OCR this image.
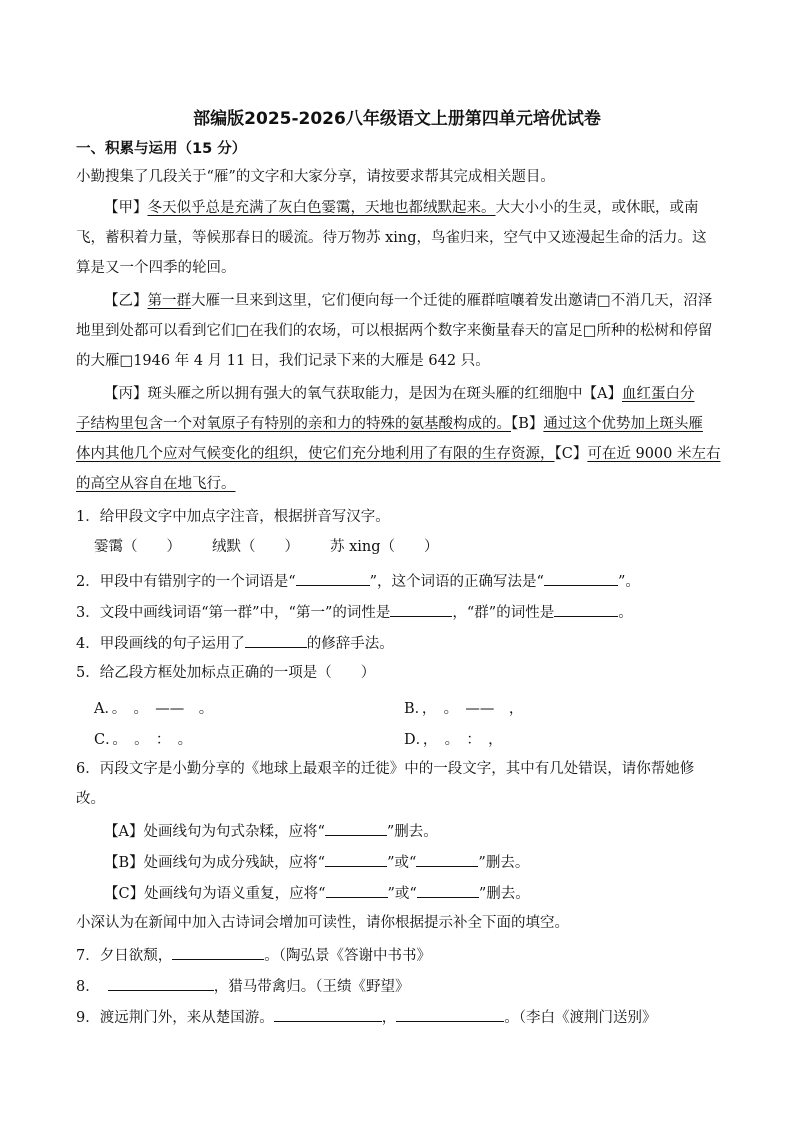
部编版2025-2026八年级语文上册第四单元培优试卷
一、积累与运用（15 分）
小勤搜集了几段关于“雁”的文字和大家分享，请按要求帮其完成相关题目。
【甲】冬天似乎总是充满了灰白色霎霭，天地也都绒默起来。大大小小的生灵，或休眠，或南
飞，蓄积着力量，等候那春日的暖流。待万物苏 xing，鸟雀归来，空气中又迹漫起生命的活力。这
算是又一个四季的轮回。
【乙】第一群大雁一旦来到这里，它们便向每一个迁徙的雁群喧嚷着发出邀请□不消几天，沼泽
地里到处都可以看到它们□在我们的农场，可以根据两个数字来衡量春天的富足□所种的松树和停留
的大雁□1946 年 4 月 11 日，我们记录下来的大雁是 642 只。
【丙】斑头雁之所以拥有强大的氧气获取能力，是因为在斑头雁的红细胞中【A】血红蛋白分
子结构里包含一个对氧原子有特别的亲和力的特殊的氨基酸构成的。【B】通过这个优势加上斑头雁
体内其他几个应对气候变化的组织，使它们充分地利用了有限的生存资源，【C】可在近 9000 米左右
的高空从容自在地飞行。
1．给甲段文字中加点字注音，根据拼音写汉字。
霎霭（　　） 绒默（　　） 苏 xing（　　）
2．甲段中有错别字的一个词语是“	”，这个词语的正确写法是“	”。
3．文段中画线词语“第一群”中，“第一”的词性是	，“群”的词性是	。
4．甲段画线的句子运用了	的修辞手法。
5．给乙段方框处加标点正确的一项是（　　）
A．。　。　——　。	B．，　。　——　，
C．。　。　：　。	D．，　。　：　，
6．丙段文字是小勤分享的《地球上最艰辛的迁徙》中的一段文字，其中有几处错误，请你帮她修
改。
【A】处画线句为句式杂糅，应将“	”删去。
【B】处画线句为成分残缺，应将“	”或“	”删去。
【C】处画线句为语义重复，应将“	”或“	”删去。
小深认为在新闻中加入古诗词会增加可读性，请你根据提示补全下面的填空。
7．夕日欲颓，	。（陶弘景《答谢中书书》
8．	，猎马带禽归。（王绩《野望》
9．渡远荆门外，来从楚国游。	，	。（李白《渡荆门送别》
